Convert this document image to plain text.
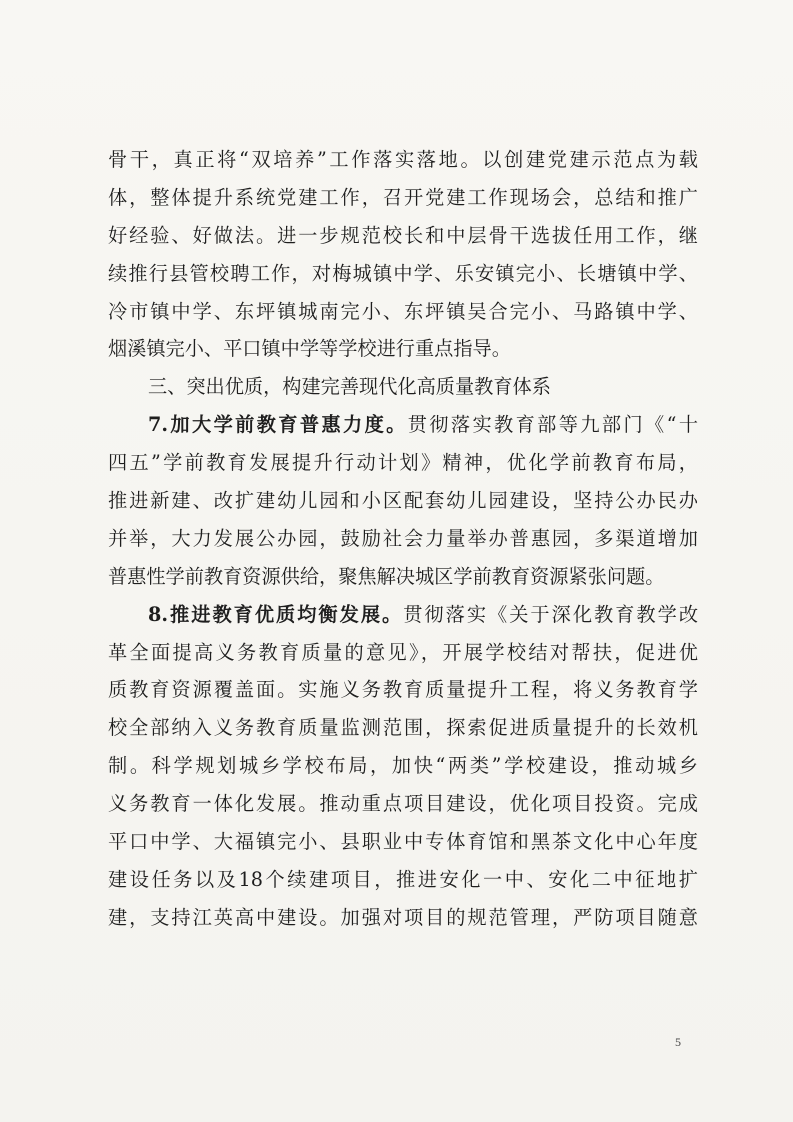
骨干，真正将“双培养”工作落实落地。以创建党建示范点为载
体，整体提升系统党建工作，召开党建工作现场会，总结和推广
好经验、好做法。进一步规范校长和中层骨干选拔任用工作，继
续推行县管校聘工作，对梅城镇中学、乐安镇完小、长塘镇中学、
冷市镇中学、东坪镇城南完小、东坪镇吴合完小、马路镇中学、
烟溪镇完小、平口镇中学等学校进行重点指导。
三、突出优质，构建完善现代化高质量教育体系
7.加大学前教育普惠力度。贯彻落实教育部等九部门《“十
四五”学前教育发展提升行动计划》精神，优化学前教育布局，
推进新建、改扩建幼儿园和小区配套幼儿园建设，坚持公办民办
并举，大力发展公办园，鼓励社会力量举办普惠园，多渠道增加
普惠性学前教育资源供给，聚焦解决城区学前教育资源紧张问题。
8.推进教育优质均衡发展。贯彻落实《关于深化教育教学改
革全面提高义务教育质量的意见》，开展学校结对帮扶，促进优
质教育资源覆盖面。实施义务教育质量提升工程，将义务教育学
校全部纳入义务教育质量监测范围，探索促进质量提升的长效机
制。科学规划城乡学校布局，加快“两类”学校建设，推动城乡
义务教育一体化发展。推动重点项目建设，优化项目投资。完成
平口中学、大福镇完小、县职业中专体育馆和黑茶文化中心年度
建设任务以及18个续建项目，推进安化一中、安化二中征地扩
建，支持江英高中建设。加强对项目的规范管理，严防项目随意
5
